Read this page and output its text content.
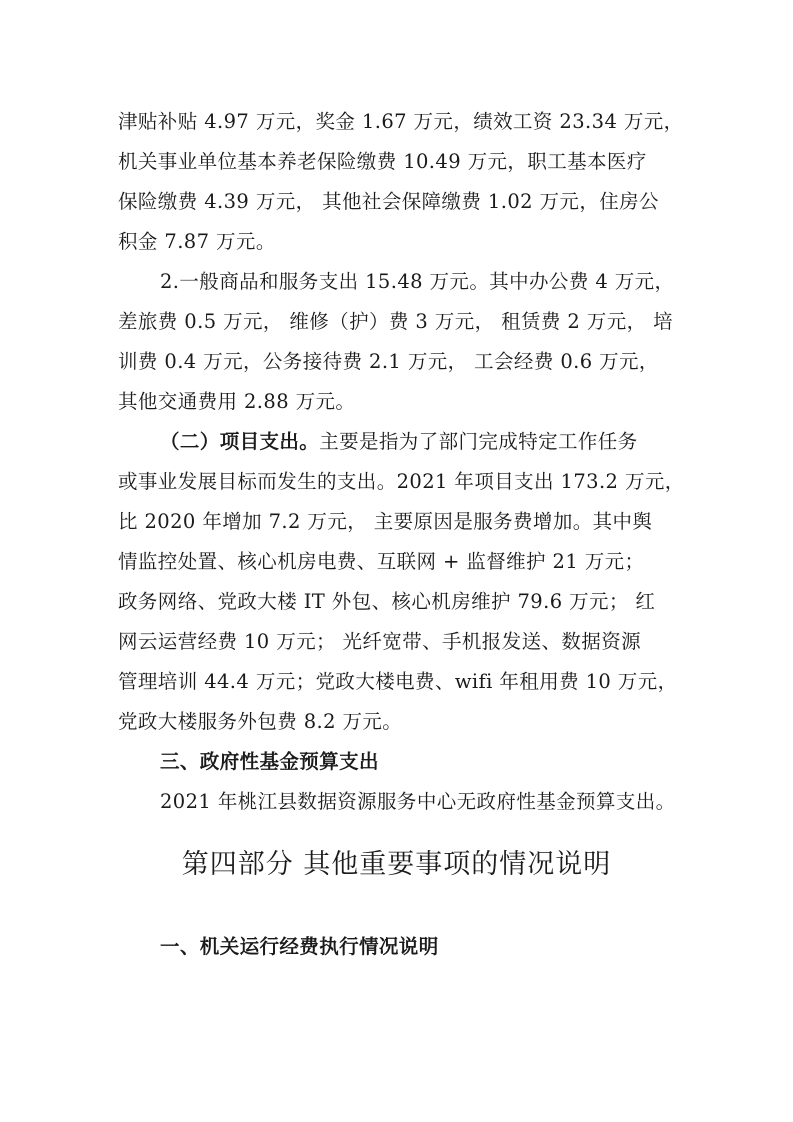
津贴补贴 4.97 万元，奖金 1.67 万元，绩效工资 23.34 万元，
机关事业单位基本养老保险缴费 10.49 万元，职工基本医疗
保险缴费 4.39 万元， 其他社会保障缴费 1.02 万元，住房公
积金 7.87 万元。
2.一般商品和服务支出 15.48 万元。其中办公费 4 万元，
差旅费 0.5 万元， 维修（护）费 3 万元， 租赁费 2 万元， 培
训费 0.4 万元，公务接待费 2.1 万元， 工会经费 0.6 万元，
其他交通费用 2.88 万元。
（二）项目支出。主要是指为了部门完成特定工作任务
或事业发展目标而发生的支出。2021 年项目支出 173.2 万元，
比 2020 年增加 7.2 万元， 主要原因是服务费增加。其中舆
情监控处置、核心机房电费、互联网 + 监督维护 21 万元；
政务网络、党政大楼 IT 外包、核心机房维护 79.6 万元； 红
网云运营经费 10 万元； 光纤宽带、手机报发送、数据资源
管理培训 44.4 万元；党政大楼电费、wifi 年租用费 10 万元，
党政大楼服务外包费 8.2 万元。
三、政府性基金预算支出
2021 年桃江县数据资源服务中心无政府性基金预算支出。
第四部分 其他重要事项的情况说明
一、机关运行经费执行情况说明
